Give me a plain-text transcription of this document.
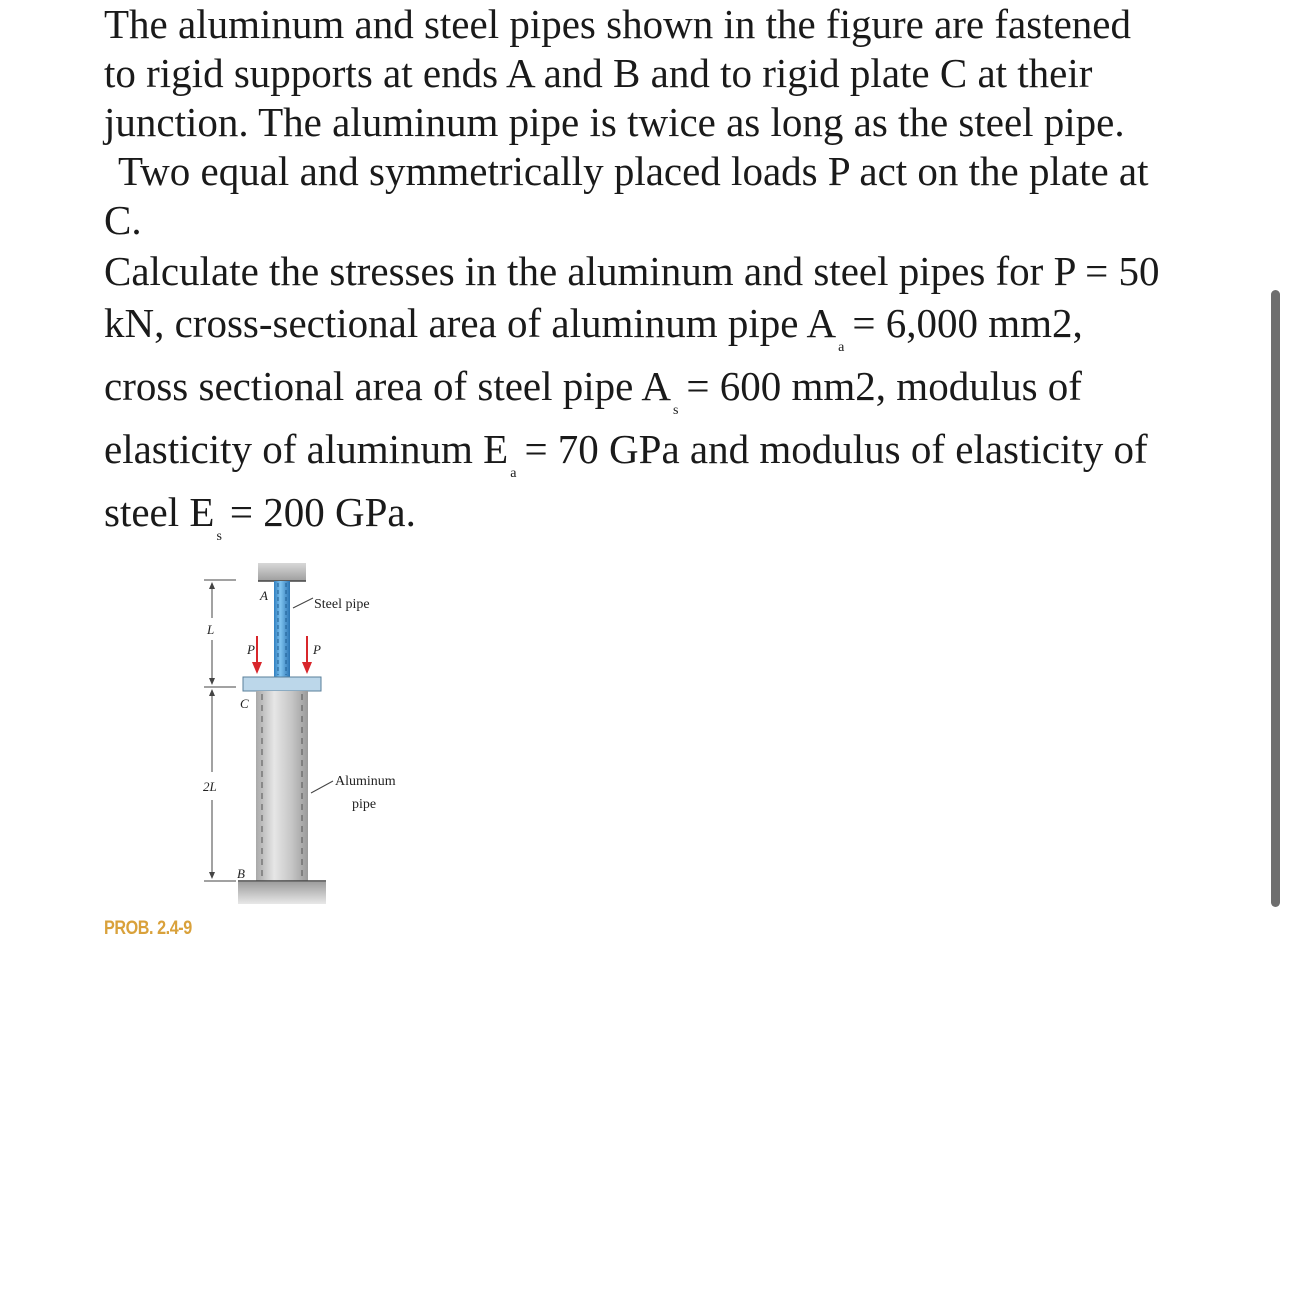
The aluminum and steel pipes shown in the figure are fastened
to rigid supports at ends A and B and to rigid plate C at their
junction. The aluminum pipe is twice as long as the steel pipe.
Two equal and symmetrically placed loads P act on the plate at
C.
Calculate the stresses in the aluminum and steel pipes for P = 50
kN, cross-sectional area of aluminum pipe $A_a= 6,000$ mm2,
cross sectional area of steel pipe $A_s= 600$ mm2, modulus of
elasticity of aluminum $E_a= 70$ GPa and modulus of elasticity of
steel $E_s= 200$ GPa.
A
P	P
C
B
L
2L
Steel pipe
Aluminum
pipe
PROB. 2.4-9
